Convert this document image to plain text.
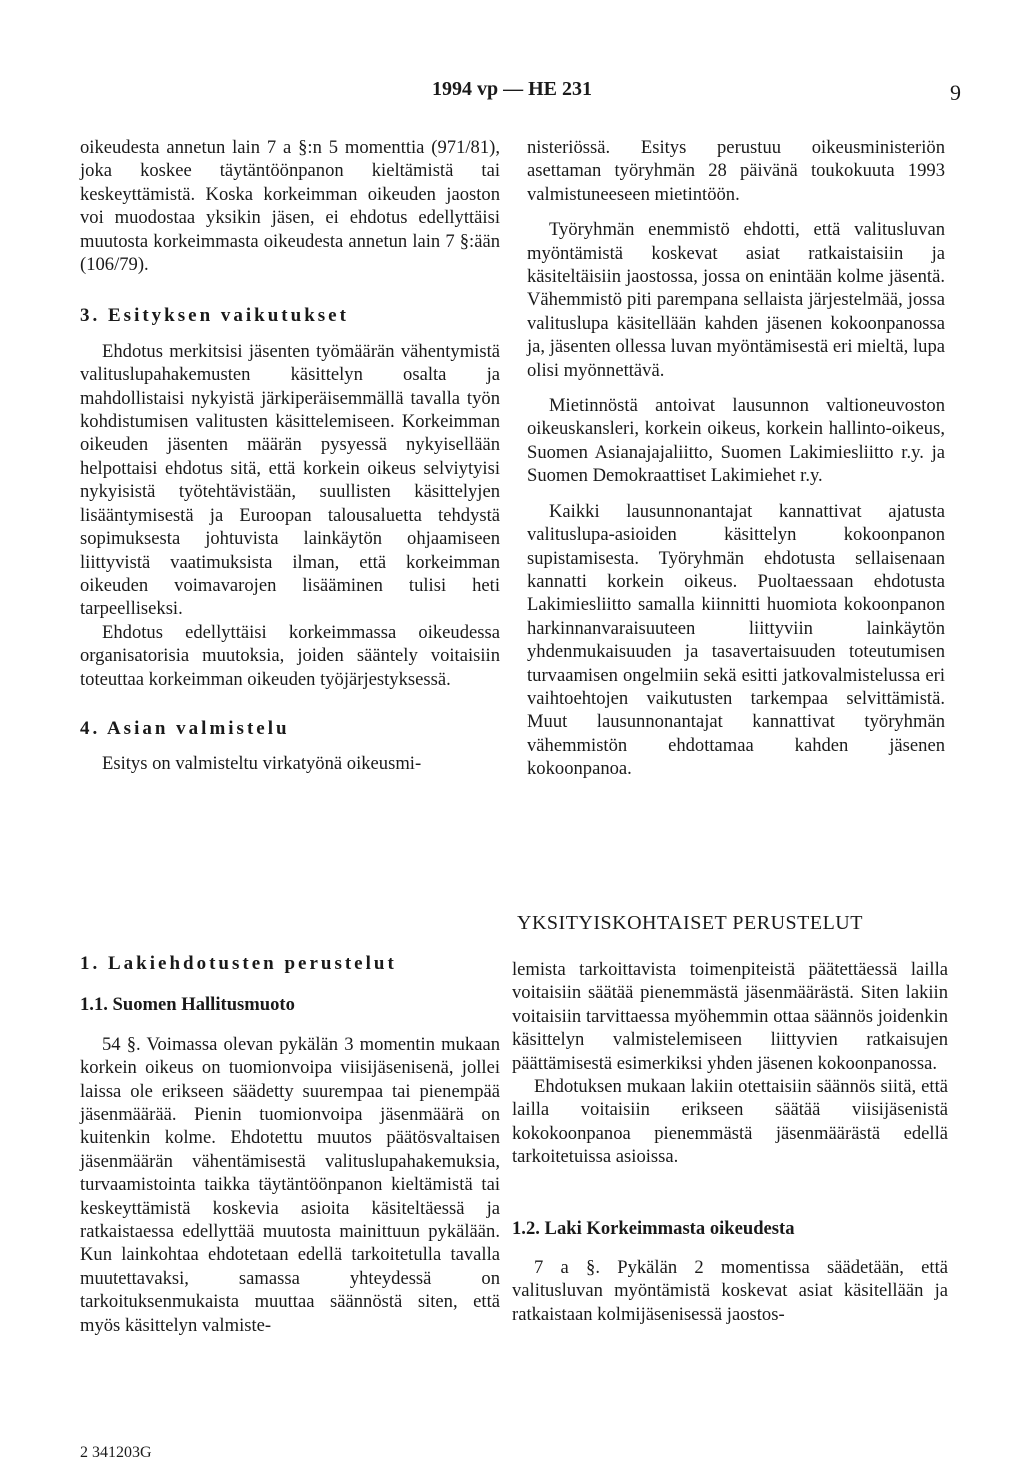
1994 vp — HE 231	9

oikeudesta annetun lain 7 a §:n 5 momenttia (971/81), joka koskee täytäntöönpanon kieltämistä tai keskeyttämistä. Koska korkeimman oikeuden jaoston voi muodostaa yksikin jäsen, ei ehdotus edellyttäisi muutosta korkeimmasta oikeudesta annetun lain 7 §:ään (106/79).

3. Esityksen vaikutukset

Ehdotus merkitsisi jäsenten työmäärän vähentymistä valituslupahakemusten käsittelyn osalta ja mahdollistaisi nykyistä järkiperäisemmällä tavalla työn kohdistumisen valitusten käsittelemiseen. Korkeimman oikeuden jäsenten määrän pysyessä nykyisellään helpottaisi ehdotus sitä, että korkein oikeus selviytyisi nykyisistä työtehtävistään, suullisten käsittelyjen lisääntymisestä ja Euroopan talousaluetta tehdystä sopimuksesta johtuvista lainkäytön ohjaamiseen liittyvistä vaatimuksista ilman, että korkeimman oikeuden voimavarojen lisääminen tulisi heti tarpeelliseksi.

Ehdotus edellyttäisi korkeimmassa oikeudessa organisatorisia muutoksia, joiden sääntely voitaisiin toteuttaa korkeimman oikeuden työjärjestyksessä.

4. Asian valmistelu

Esitys on valmisteltu virkatyönä oikeusmi-

nisteriössä. Esitys perustuu oikeusministeriön asettaman työryhmän 28 päivänä toukokuuta 1993 valmistuneeseen mietintöön.

Työryhmän enemmistö ehdotti, että valitusluvan myöntämistä koskevat asiat ratkaistaisiin ja käsiteltäisiin jaostossa, jossa on enintään kolme jäsentä. Vähemmistö piti parempana sellaista järjestelmää, jossa valituslupa käsitellään kahden jäsenen kokoonpanossa ja, jäsenten ollessa luvan myöntämisestä eri mieltä, lupa olisi myönnettävä.

Mietinnöstä antoivat lausunnon valtioneuvoston oikeuskansleri, korkein oikeus, korkein hallinto-oikeus, Suomen Asianajajaliitto, Suomen Lakimiesliitto r.y. ja Suomen Demokraattiset Lakimiehet r.y.

Kaikki lausunnonantajat kannattivat ajatusta valituslupa-asioiden käsittelyn kokoonpanon supistamisesta. Työryhmän ehdotusta sellaisenaan kannatti korkein oikeus. Puoltaessaan ehdotusta Lakimiesliitto samalla kiinnitti huomiota kokoonpanon harkinnanvaraisuuteen liittyviin lainkäytön yhdenmukaisuuden ja tasavertaisuuden toteutumisen turvaamisen ongelmiin sekä esitti jatkovalmistelussa eri vaihtoehtojen vaikutusten tarkempaa selvittämistä. Muut lausunnonantajat kannattivat työryhmän vähemmistön ehdottamaa kahden jäsenen kokoonpanoa.

YKSITYISKOHTAISET PERUSTELUT
1. Lakiehdotusten perustelut
1.1. Suomen Hallitusmuoto

54 §. Voimassa olevan pykälän 3 momentin mukaan korkein oikeus on tuomionvoipa viisijäsenisenä, jollei laissa ole erikseen säädetty suurempaa tai pienempää jäsenmäärää. Pienin tuomionvoipa jäsenmäärä on kuitenkin kolme. Ehdotettu muutos päätösvaltaisen jäsenmäärän vähentämisestä valituslupahakemuksia, turvaamistointa taikka täytäntöönpanon kieltämistä tai keskeyttämistä koskevia asioita käsiteltäessä ja ratkaistaessa edellyttää muutosta mainittuun pykälään. Kun lainkohtaa ehdotetaan edellä tarkoitetulla tavalla muutettavaksi, samassa yhteydessä on tarkoituksenmukaista muuttaa säännöstä siten, että myös käsittelyn valmiste-

lemista tarkoittavista toimenpiteistä päätettäessä lailla voitaisiin säätää pienemmästä jäsenmäärästä. Siten lakiin voitaisiin tarvittaessa myöhemmin ottaa säännös joidenkin käsittelyn valmistelemiseen liittyvien ratkaisujen päättämisestä esimerkiksi yhden jäsenen kokoonpanossa.

Ehdotuksen mukaan lakiin otettaisiin säännös siitä, että lailla voitaisiin erikseen säätää viisijäsenistä kokokoonpanoa pienemmästä jäsenmäärästä edellä tarkoitetuissa asioissa.

1.2. Laki Korkeimmasta oikeudesta

7 a §. Pykälän 2 momentissa säädetään, että valitusluvan myöntämistä koskevat asiat käsitellään ja ratkaistaan kolmijäsenisessä jaostos-

2 341203G
